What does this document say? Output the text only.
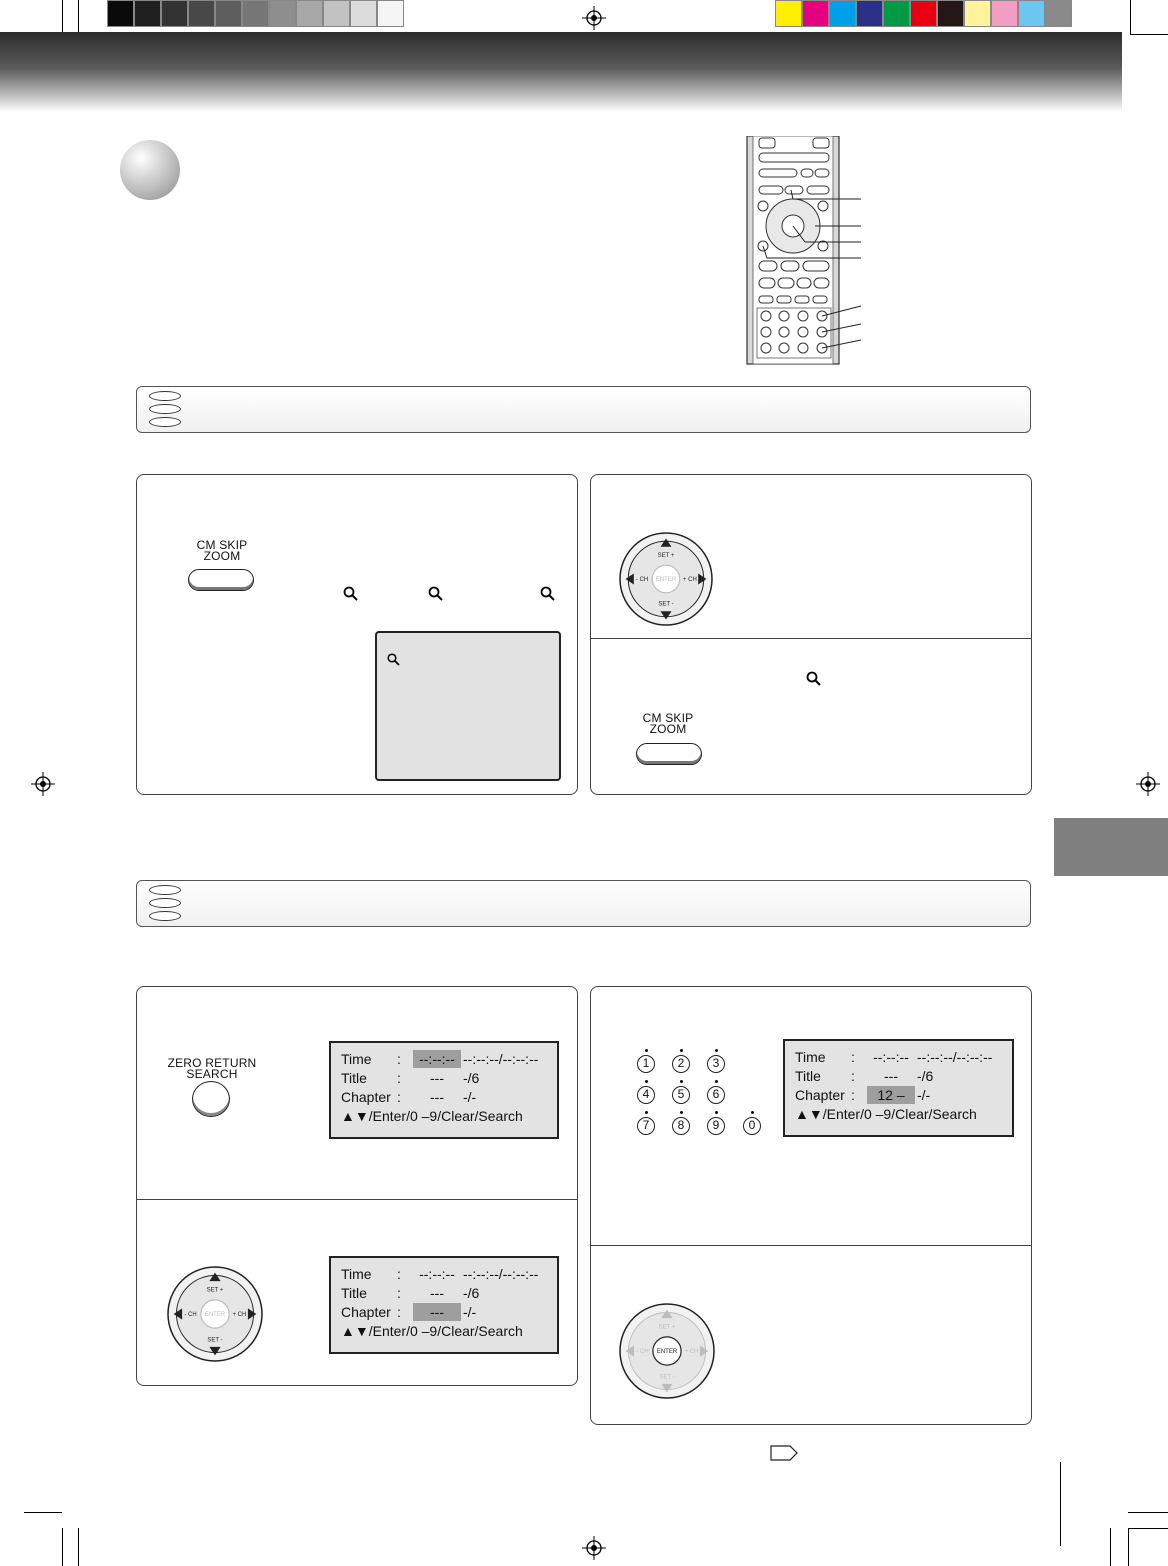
CM SKIP
ZOOM	SET +
SET -
- CH	+ CH
ENTER
CM SKIP
ZOOM
ZERO RETURN
SEARCH
Time :	--:--:-- --:--:--/--:--:--
Title :	---	-/6
Chapter :	---	-/-
▲▼/Enter/0 –9/Clear/Search
SET +
SET -
- CH	+ CH
ENTER
Time :	--:--:-- --:--:--/--:--:--
Title :	---	-/6
Chapter :	---	-/-
▲▼/Enter/0 –9/Clear/Search
1	2	3
4	5	6
7	8	9	0
Time :	--:--:-- --:--:--/--:--:--
Title :	---	-/6
Chapter :	12 – -/-
▲▼/Enter/0 –9/Clear/Search
SET +
SET -
- CH	+ CH
ENTER
